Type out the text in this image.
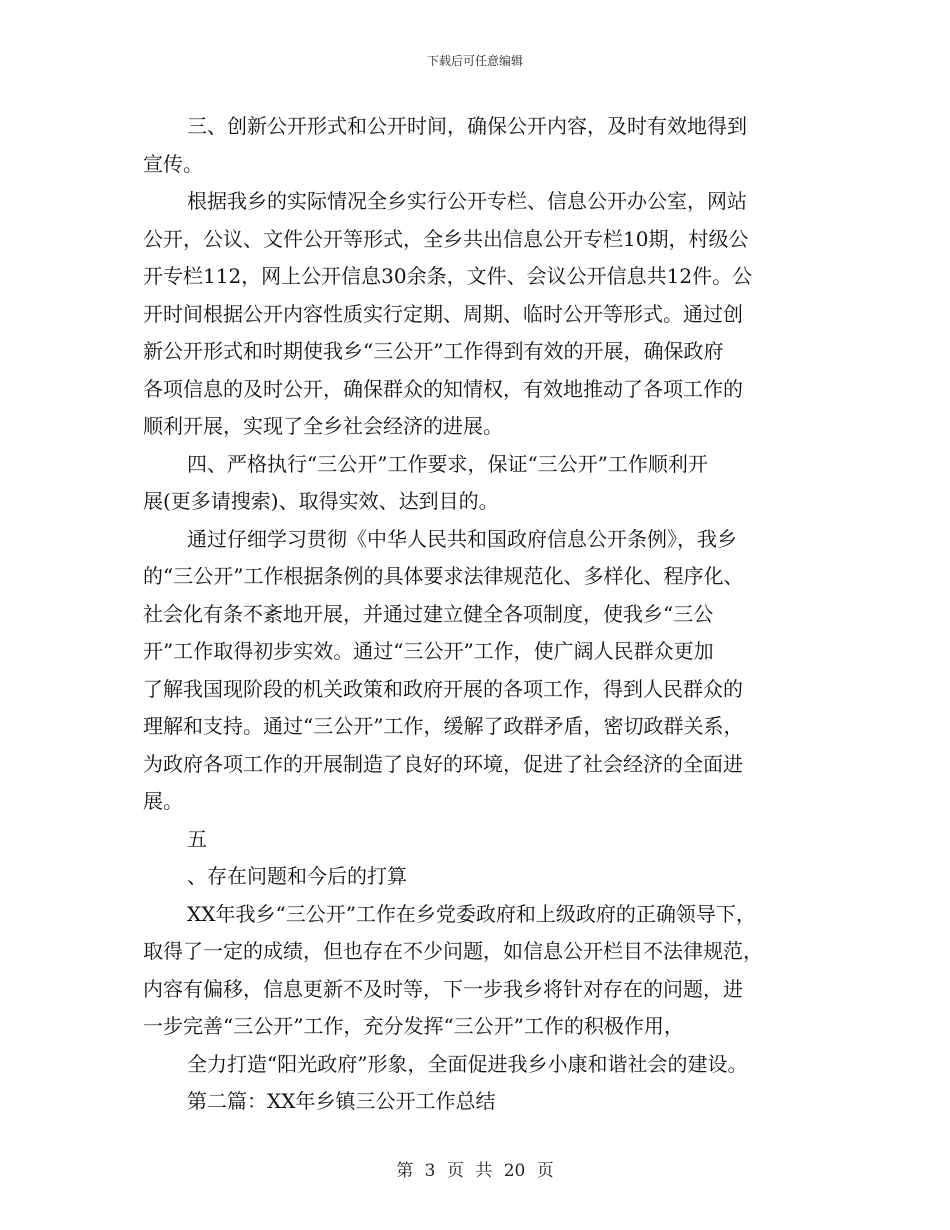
下载后可任意编辑
三、创新公开形式和公开时间，确保公开内容，及时有效地得到
宣传。
根据我乡的实际情况全乡实行公开专栏、信息公开办公室，网站
公开，公议、文件公开等形式，全乡共出信息公开专栏10期，村级公
开专栏112，网上公开信息30余条，文件、会议公开信息共12件。公
开时间根据公开内容性质实行定期、周期、临时公开等形式。通过创
新公开形式和时期使我乡“三公开”工作得到有效的开展，确保政府
各项信息的及时公开，确保群众的知情权，有效地推动了各项工作的
顺利开展，实现了全乡社会经济的进展。
四、严格执行“三公开”工作要求，保证“三公开”工作顺利开
展(更多请搜索)、取得实效、达到目的。
通过仔细学习贯彻《中华人民共和国政府信息公开条例》，我乡
的“三公开”工作根据条例的具体要求法律规范化、多样化、程序化、
社会化有条不紊地开展，并通过建立健全各项制度，使我乡“三公
开”工作取得初步实效。通过“三公开”工作，使广阔人民群众更加
了解我国现阶段的机关政策和政府开展的各项工作，得到人民群众的
理解和支持。通过“三公开”工作，缓解了政群矛盾，密切政群关系，
为政府各项工作的开展制造了良好的环境，促进了社会经济的全面进
展。
五
、存在问题和今后的打算
XX年我乡“三公开”工作在乡党委政府和上级政府的正确领导下，
取得了一定的成绩，但也存在不少问题，如信息公开栏目不法律规范，
内容有偏移，信息更新不及时等，下一步我乡将针对存在的问题，进
一步完善“三公开”工作，充分发挥“三公开”工作的积极作用，
全力打造“阳光政府”形象，全面促进我乡小康和谐社会的建设。
第二篇：XX年乡镇三公开工作总结
第 3 页 共 20 页
